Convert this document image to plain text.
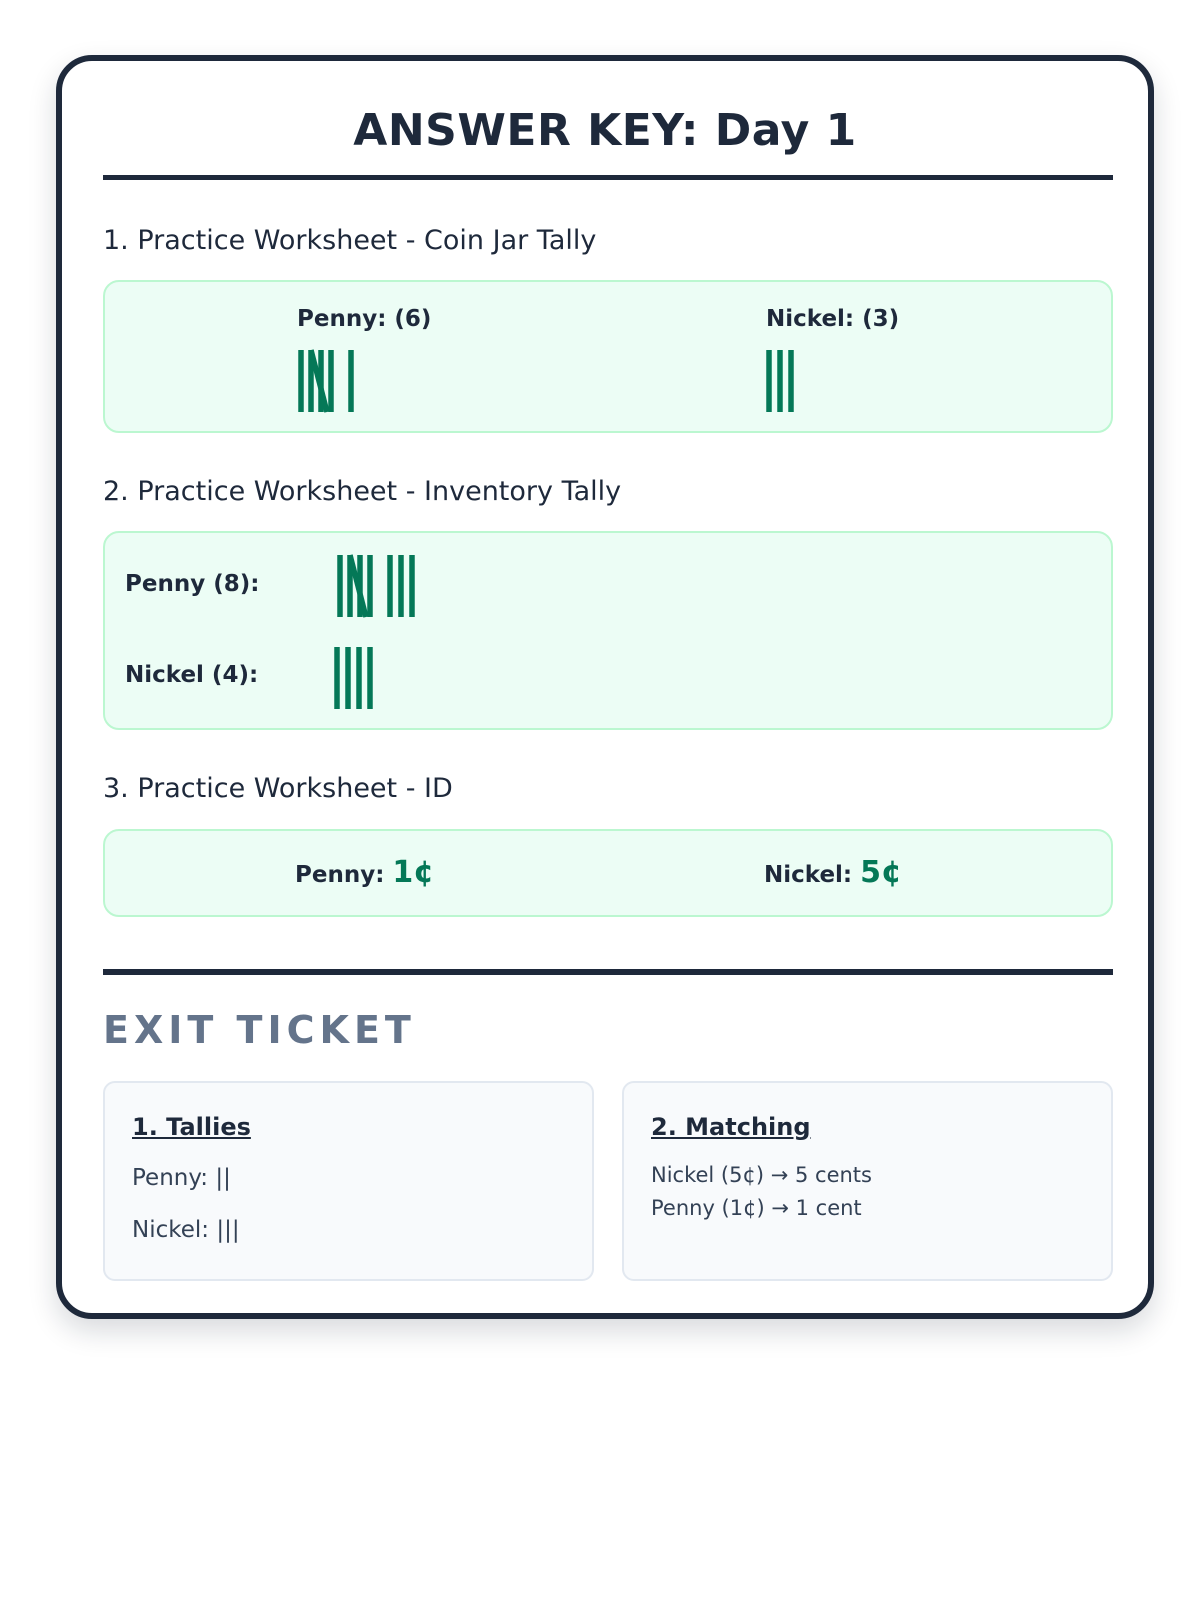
ANSWER KEY: Day 1
1. Practice Worksheet - Coin Jar Tally
Penny: (6)	Nickel: (3)
2. Practice Worksheet - Inventory Tally
Penny (8):
Nickel (4):
3. Practice Worksheet - ID
Penny: 1¢	Nickel: 5¢
EXIT TICKET
1. Tallies
Penny: ||
Nickel: |||
2. Matching
Nickel (5¢) → 5 cents
Penny (1¢) → 1 cent
